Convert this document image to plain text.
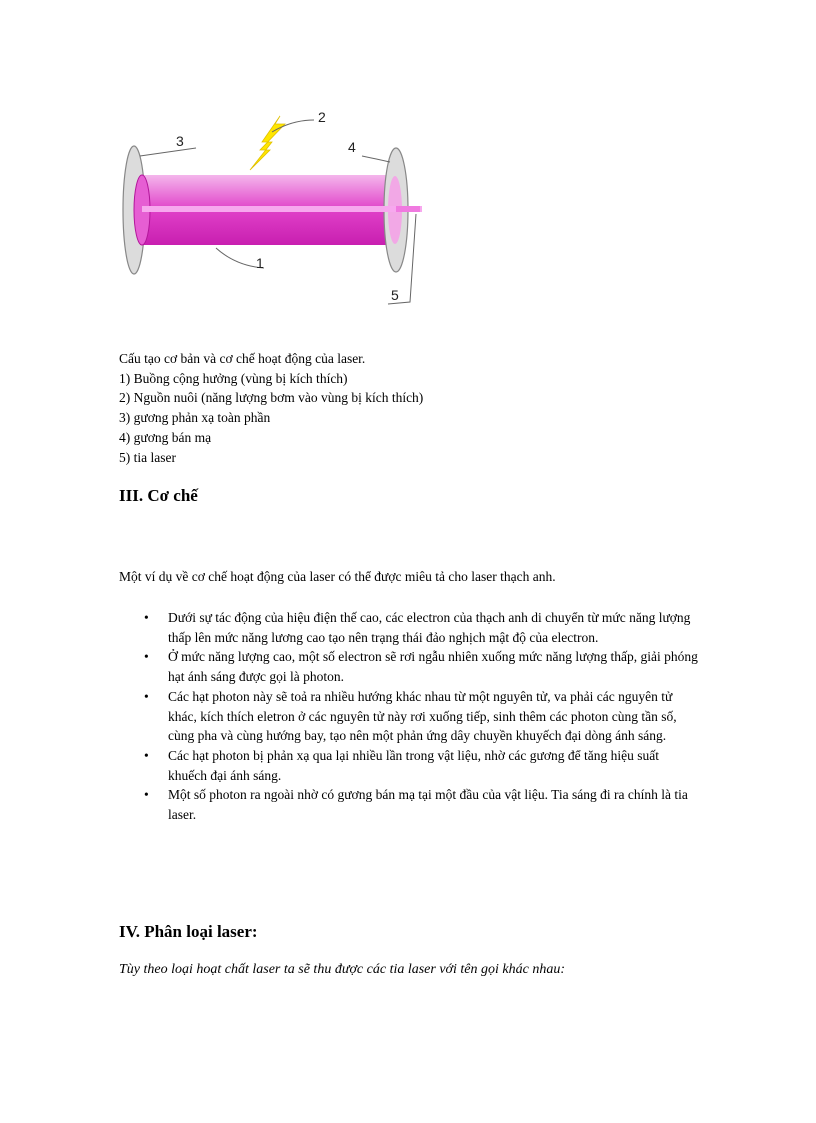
2
3	4
1
5
Cấu tạo cơ bản và cơ chế hoạt động của laser.
1) Buồng cộng hưởng (vùng bị kích thích)
2) Nguồn nuôi (năng lượng bơm vào vùng bị kích thích)
3) gương phản xạ toàn phần
4) gương bán mạ
5) tia laser
III. Cơ chế
Một ví dụ về cơ chế hoạt động của laser có thể được miêu tả cho laser thạch anh.
• Dưới sự tác động của hiệu điện thế cao, các electron của thạch anh di chuyển từ mức năng lượng thấp lên mức năng lương cao tạo nên trạng thái đảo nghịch mật độ của electron.
• Ở mức năng lượng cao, một số electron sẽ rơi ngẫu nhiên xuống mức năng lượng thấp, giải phóng hạt ánh sáng được gọi là photon.
• Các hạt photon này sẽ toả ra nhiều hướng khác nhau từ một nguyên tử, va phải các nguyên tử khác, kích thích eletron ở các nguyên tử này rơi xuống tiếp, sinh thêm các photon cùng tần số, cùng pha và cùng hướng bay, tạo nên một phản ứng dây chuyền khuyếch đại dòng ánh sáng.
• Các hạt photon bị phản xạ qua lại nhiều lần trong vật liệu, nhờ các gương để tăng hiệu suất khuếch đại ánh sáng.
• Một số photon ra ngoài nhờ có gương bán mạ tại một đầu của vật liệu. Tia sáng đi ra chính là tia laser.
IV. Phân loại laser:
Tùy theo loại hoạt chất laser ta sẽ thu được các tia laser với tên gọi khác nhau:
